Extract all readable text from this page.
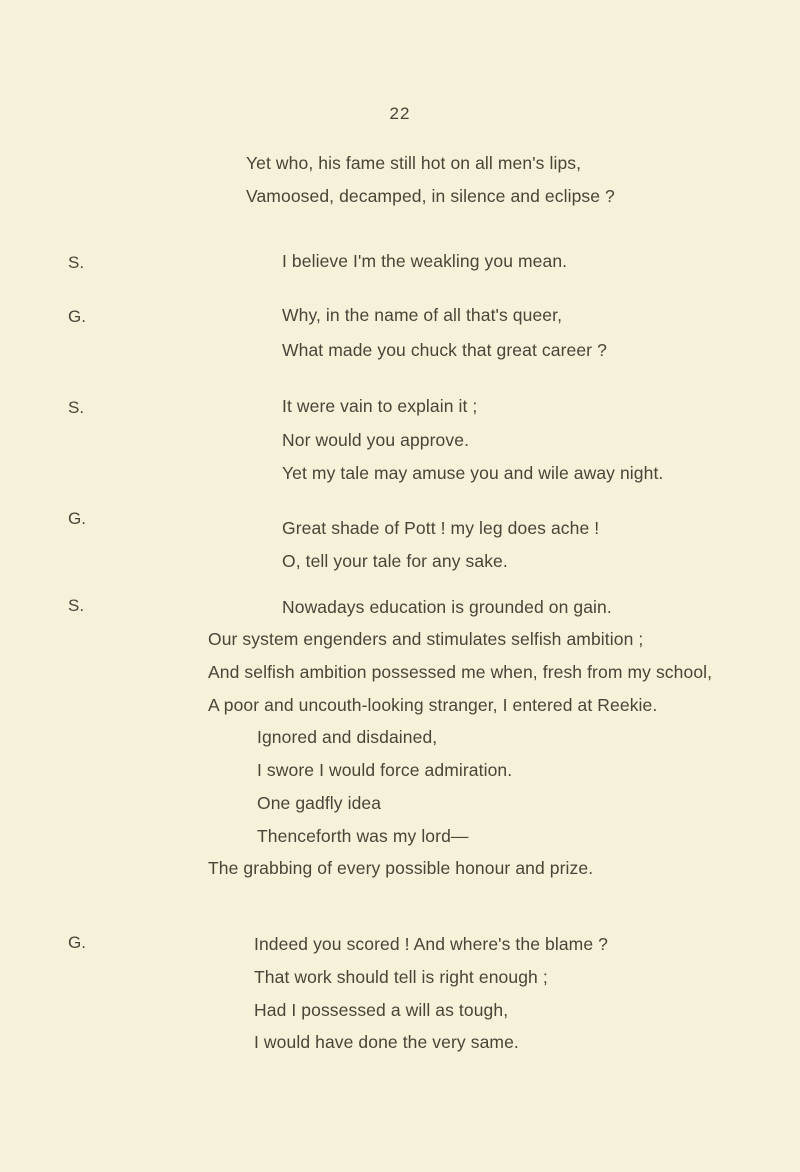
22
S.
G.
S.
G.
S.
G.
Yet who, his fame still hot on all men's lips,
Vamoosed, decamped, in silence and eclipse ?
I believe I'm the weakling you mean.
Why, in the name of all that's queer,
What made you chuck that great career ?
It were vain to explain it ;
Nor would you approve.
Yet my tale may amuse you and wile away night.
Great shade of Pott ! my leg does ache !
O, tell your tale for any sake.
Nowadays education is grounded on gain.
Our system engenders and stimulates selfish ambition ;
And selfish ambition possessed me when, fresh from my school,
A poor and uncouth-looking stranger, I entered at Reekie.
Ignored and disdained,
I swore I would force admiration.
One gadfly idea
Thenceforth was my lord—
The grabbing of every possible honour and prize.
Indeed you scored ! And where's the blame ?
That work should tell is right enough ;
Had I possessed a will as tough,
I would have done the very same.
